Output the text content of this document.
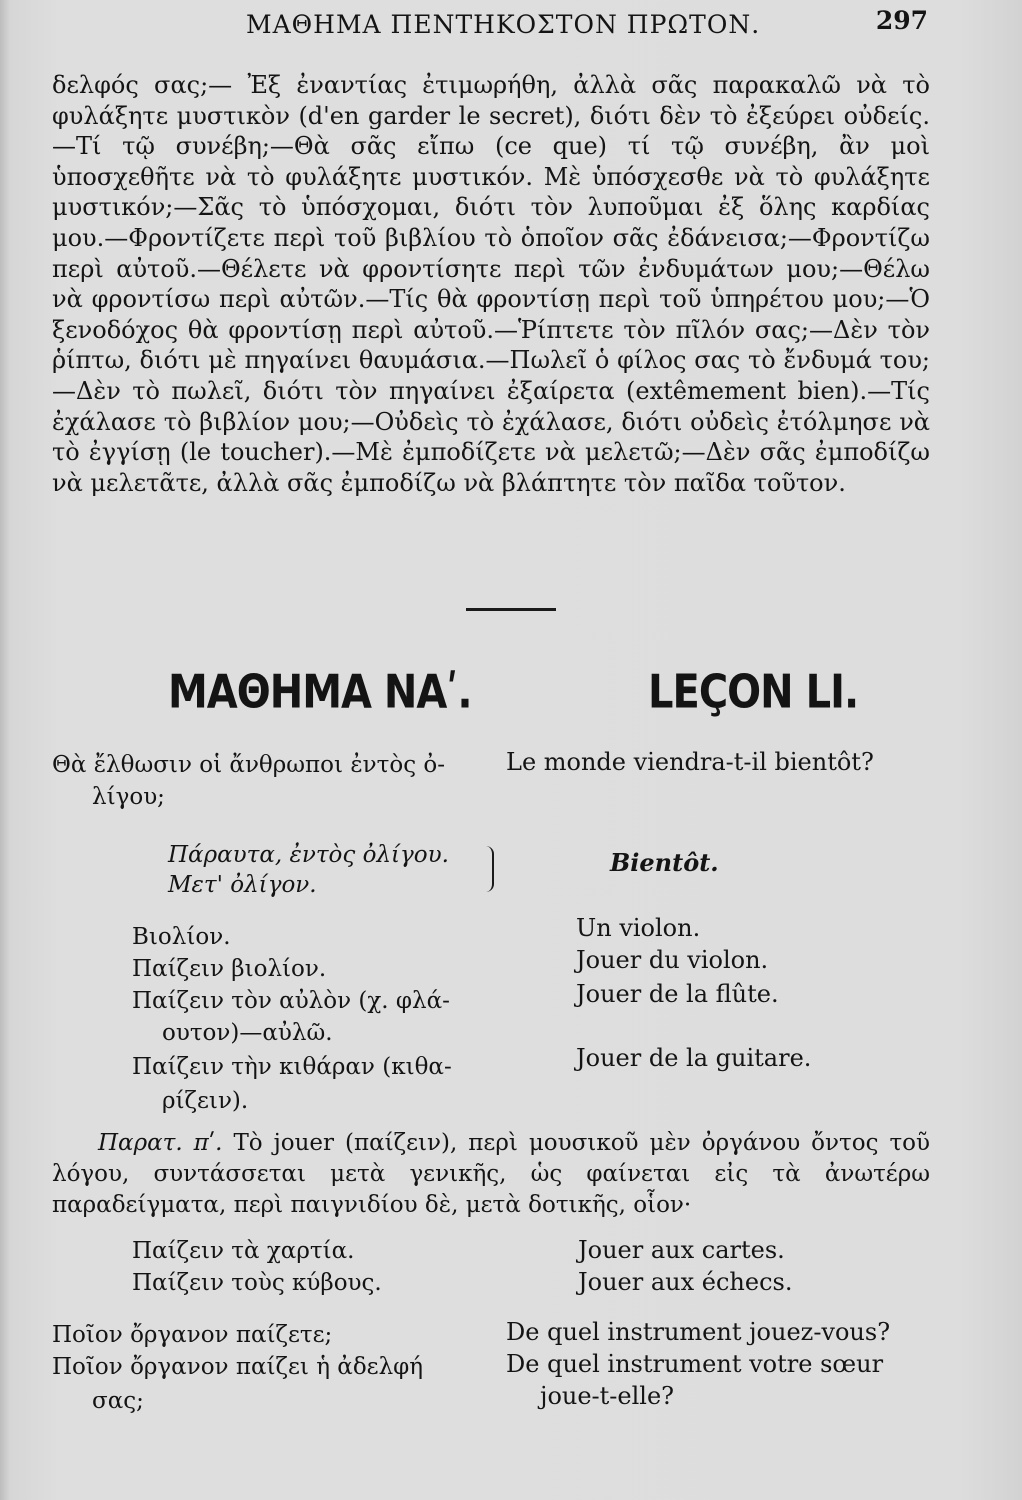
ΜΑΘΗΜΑ ΠΕΝΤΗΚΟΣΤΟΝ ΠΡΩΤΟΝ.	297

δελφός σας;— Ἐξ ἐναντίας ἐτιμωρήθη, ἀλλὰ σᾶς παρακαλῶ νὰ τὸ φυλάξητε μυστικὸν (d'en garder le secret), διότι δὲν τὸ ἐξεύρει οὐδείς.—Τί τῷ συνέβη;—Θὰ σᾶς εἴπω (ce que) τί τῷ συνέβη, ἂν μοὶ ὑποσχεθῆτε νὰ τὸ φυλάξητε μυστικόν. Μὲ ὑπόσχεσθε νὰ τὸ φυλάξητε μυστικόν;—Σᾶς τὸ ὑπόσχομαι, διότι τὸν λυποῦμαι ἐξ ὅλης καρδίας μου.—Φροντίζετε περὶ τοῦ βιβλίου τὸ ὁποῖον σᾶς ἐδάνεισα;—Φροντίζω περὶ αὐτοῦ.—Θέλετε νὰ φροντίσητε περὶ τῶν ἐνδυμάτων μου;—Θέλω νὰ φροντίσω περὶ αὐτῶν.—Τίς θὰ φροντίσῃ περὶ τοῦ ὑπηρέτου μου;—Ὁ ξενοδόχος θὰ φροντίσῃ περὶ αὐτοῦ.—Ῥίπτετε τὸν πῖλόν σας;—Δὲν τὸν ῥίπτω, διότι μὲ πηγαίνει θαυμάσια.—Πωλεῖ ὁ φίλος σας τὸ ἔνδυμά του;—Δὲν τὸ πωλεῖ, διότι τὸν πηγαίνει ἐξαίρετα (extêmement bien).—Τίς ἐχάλασε τὸ βιβλίον μου;—Οὐδεὶς τὸ ἐχάλασε, διότι οὐδεὶς ἐτόλμησε νὰ τὸ ἐγγίσῃ (le toucher).—Μὲ ἐμποδίζετε νὰ μελετῶ;—Δὲν σᾶς ἐμποδίζω νὰ μελετᾶτε, ἀλλὰ σᾶς ἐμποδίζω νὰ βλάπτητε τὸν παῖδα τοῦτον.

ΜΑΘΗΜΑ ΝΑʹ.	LEÇON LI.
Θὰ ἔλθωσιν οἱ ἄνθρωποι ἐντὸς ὀ-
λίγου;
Le monde viendra-t-il bientôt?
Πάραυτα, ἐντὸς ὀλίγου.
Μετ' ὀλίγον.
Bientôt.
Βιολίον.
Παίζειν βιολίον.
Παίζειν τὸν αὐλὸν (χ. φλά-
ουτον)—αὐλῶ.
Παίζειν τὴν κιθάραν (κιθα-
ρίζειν).
Un violon.
Jouer du violon.
Jouer de la flûte.
Jouer de la guitare.

Παρατ. πʹ. Τὸ jouer (παίζειν), περὶ μουσικοῦ μὲν ὀργάνου ὄντος τοῦ λόγου, συντάσσεται μετὰ γενικῆς, ὡς φαίνεται εἰς τὰ ἀνωτέρω παραδείγματα, περὶ παιγνιδίου δὲ, μετὰ δοτικῆς, οἷον·

Παίζειν τὰ χαρτία.
Παίζειν τοὺς κύβους.
Jouer aux cartes.
Jouer aux échecs.
Ποῖον ὄργανον παίζετε;
Ποῖον ὄργανον παίζει ἡ ἀδελφή
σας;
De quel instrument jouez-vous?
De quel instrument votre sœur
joue-t-elle?
